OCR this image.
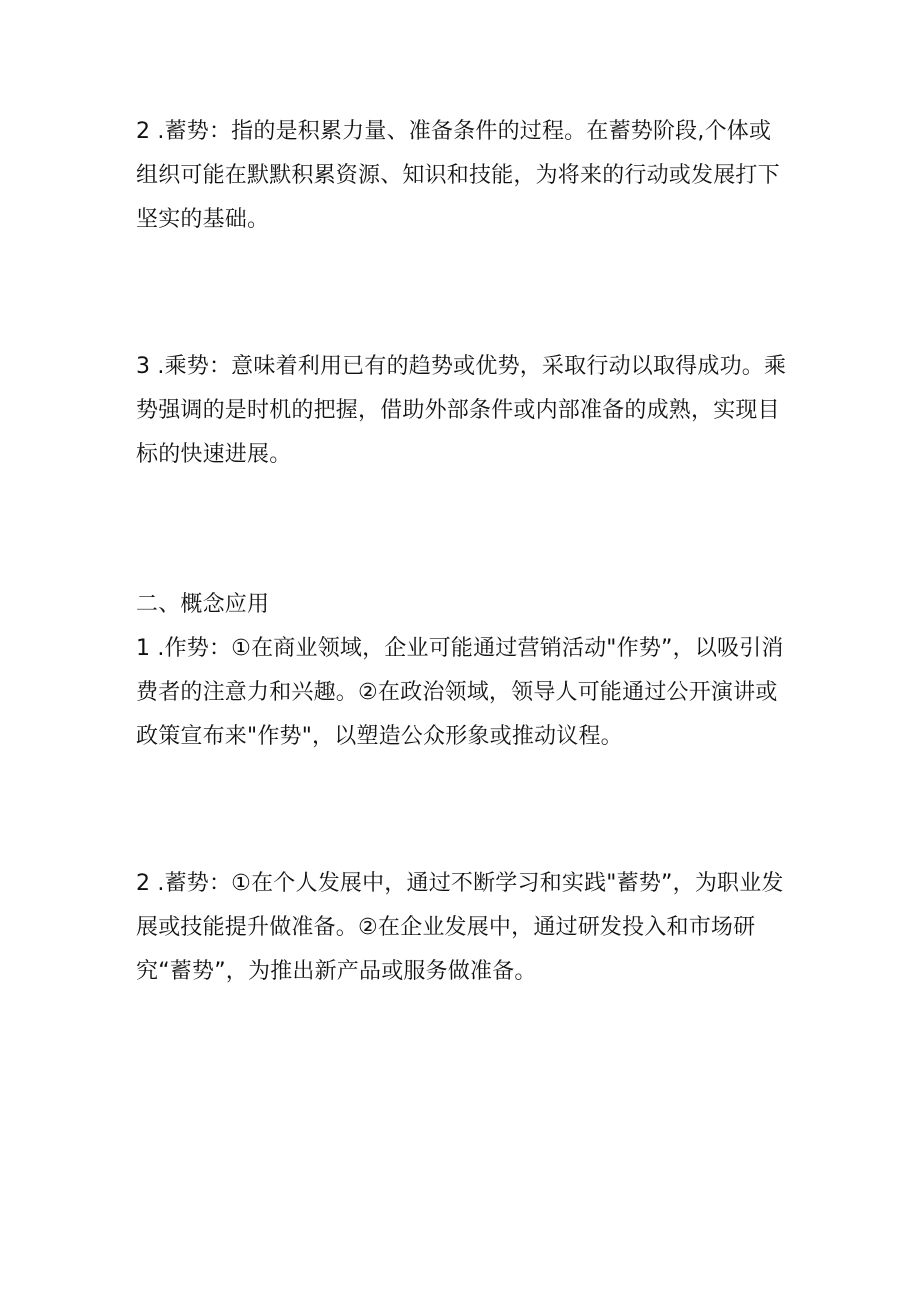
2 .蓄势：指的是积累力量、准备条件的过程。在蓄势阶段,个体或组织可能在默默积累资源、知识和技能，为将来的行动或发展打下坚实的基础。

3 .乘势：意味着利用已有的趋势或优势，采取行动以取得成功。乘势强调的是时机的把握，借助外部条件或内部准备的成熟，实现目标的快速进展。

二、概念应用

1 .作势：①在商业领域，企业可能通过营销活动"作势”，以吸引消费者的注意力和兴趣。②在政治领域，领导人可能通过公开演讲或政策宣布来"作势"，以塑造公众形象或推动议程。

2 .蓄势：①在个人发展中，通过不断学习和实践"蓄势”，为职业发展或技能提升做准备。②在企业发展中，通过研发投入和市场研究“蓄势”，为推出新产品或服务做准备。
